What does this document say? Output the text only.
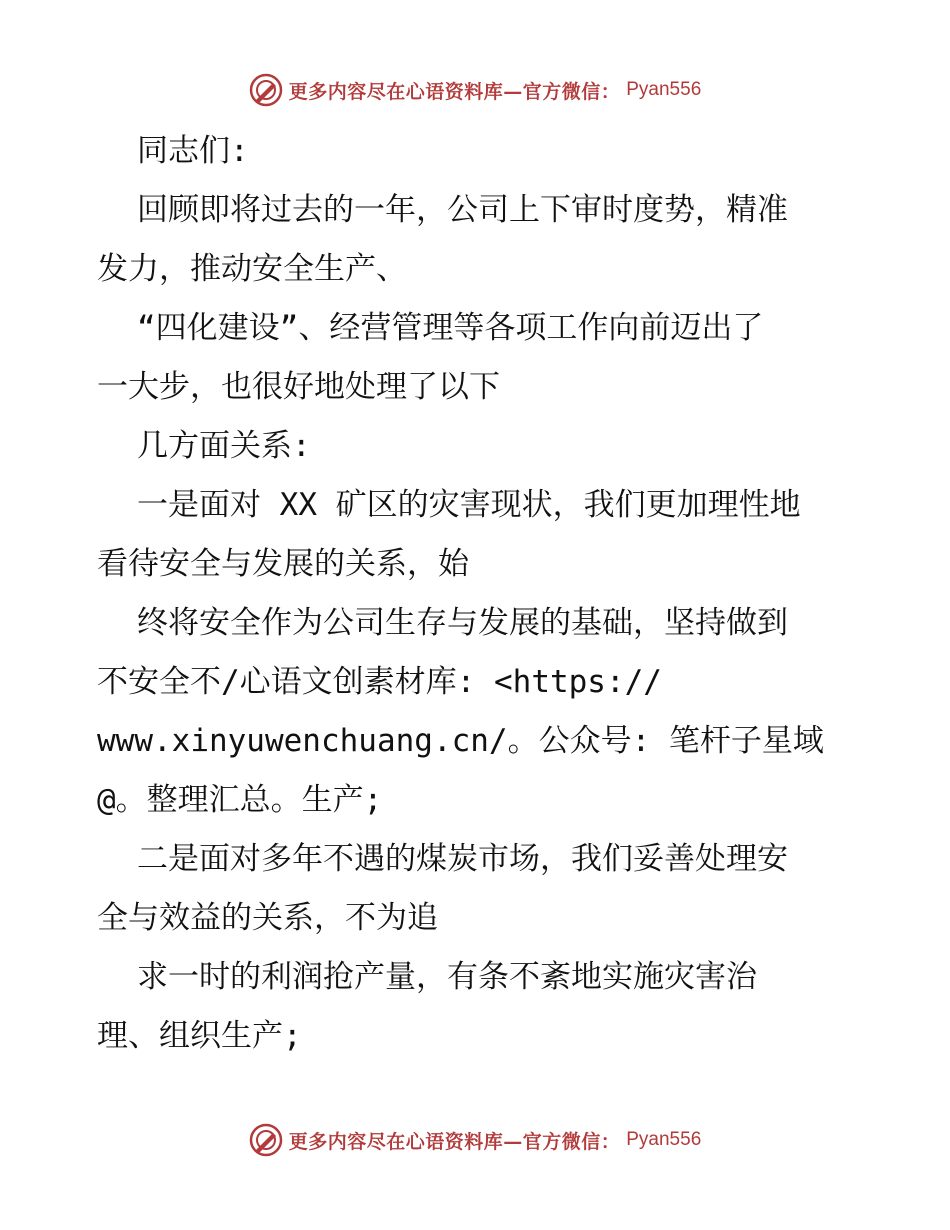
更多内容尽在心语资料库—官方微信： Pyan556
同志们:
回顾即将过去的一年，公司上下审时度势，精准
发力，推动安全生产、
“四化建设”、经营管理等各项工作向前迈出了
一大步，也很好地处理了以下
几方面关系:
一是面对 XX 矿区的灾害现状，我们更加理性地
看待安全与发展的关系，始
终将安全作为公司生存与发展的基础，坚持做到
不安全不/心语文创素材库: <https://
www.xinyuwenchuang.cn/。公众号: 笔杆子星域
@。整理汇总。生产;
二是面对多年不遇的煤炭市场，我们妥善处理安
全与效益的关系，不为追
求一时的利润抢产量，有条不紊地实施灾害治
理、组织生产;
更多内容尽在心语资料库—官方微信： Pyan556
